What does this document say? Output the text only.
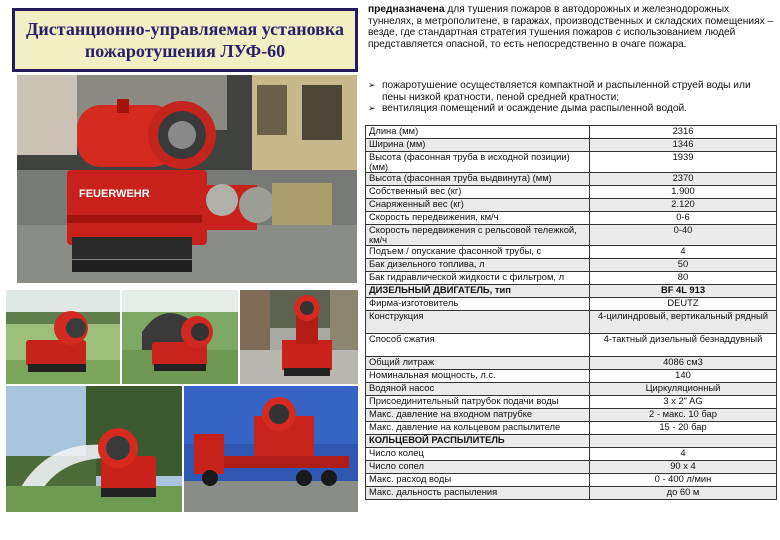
Дистанционно-управляемая установка
пожаротушения ЛУФ-60
FEUERWEHR
предназначена для тушения пожаров в автодорожных и железнодорожных туннелях, в метрополитене, в гаражах, производственных и складских помещениях – везде, где стандартная стратегия тушения пожаров с использованием людей представляется опасной, то есть непосредственно в очаге пожара.
➢ пожаротушение осуществляется компактной и распыленной струей воды или пены низкой кратности, пеной средней кратности;
➢ вентиляция помещений и осаждение дыма распыленной водой.
Длина (мм)	2316
Ширина (мм)	1346
Высота (фасонная труба в исходной позиции) (мм)	1939
Высота (фасонная труба выдвинута) (мм)	2370
Собственный вес (кг)	1.900
Снаряженный вес (кг)	2.120
Скорость передвижения, км/ч	0-6
Скорость передвижения с рельсовой тележкой, км/ч	0-40
Подъем / опускание фасонной трубы, с	4
Бак дизельного топлива, л	50
Бак гидравлической жидкости с фильтром, л	80
ДИЗЕЛЬНЫЙ ДВИГАТЕЛЬ, тип	BF 4L 913
Фирма-изготовитель	DEUTZ
Конструкция	4-цилиндровый, вертикальный рядный
Способ сжатия	4-тактный дизельный безнаддувный
Общий литраж	4086 см3
Номинальная мощность, л.с.	140
Водяной насос	Циркуляционный
Присоединительный патрубок подачи воды	3 x 2" AG
Макс. давление на входном патрубке	2 - макс. 10 бар
Макс. давление на кольцевом распылителе	15 - 20 бар
КОЛЬЦЕВОЙ РАСПЫЛИТЕЛЬ	
Число колец	4
Число сопел	90 x 4
Макс. расход воды	0 - 400 л/мин
Макс. дальность распыления	до 60 м
